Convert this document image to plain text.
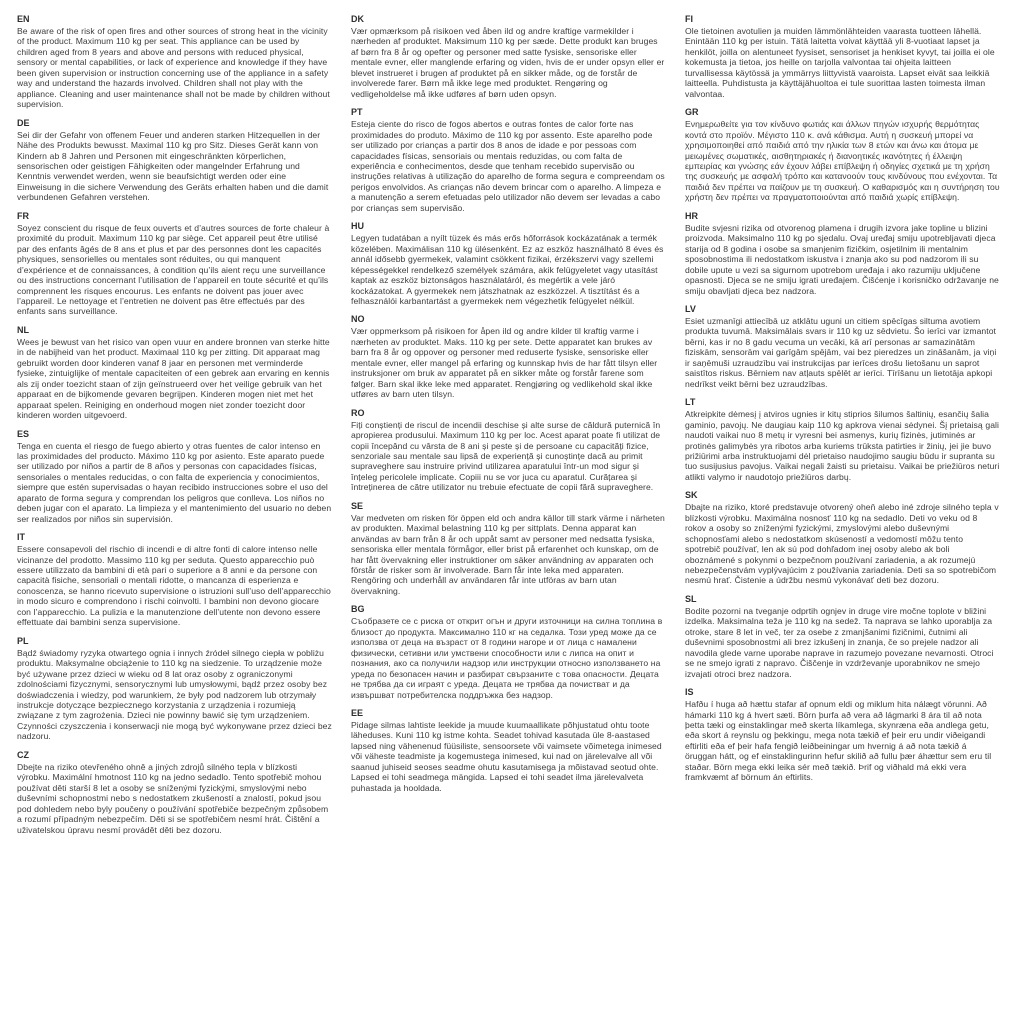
EN

Be aware of the risk of open fires and other sources of strong heat in the vicinity of the product. Maximum 110 kg per seat. This appliance can be used by children aged from 8 years and above and persons with reduced physical, sensory or mental capabilities, or lack of experience and knowledge if they have been given supervision or instruction concerning use of the appliance in a safety way and understand the hazards involved. Children shall not play with the appliance. Cleaning and user maintenance shall not be made by children without supervision.

DE

Sei dir der Gefahr von offenem Feuer und anderen starken Hitzequellen in der Nähe des Produkts bewusst. Maximal 110 kg pro Sitz. Dieses Gerät kann von Kindern ab 8 Jahren und Personen mit eingeschränkten körperlichen, sensorischen oder geistigen Fähigkeiten oder mangelnder Erfahrung und Kenntnis verwendet werden, wenn sie beaufsichtigt werden oder eine Einweisung in die sichere Verwendung des Geräts erhalten haben und die damit verbundenen Gefahren verstehen.

FR

Soyez conscient du risque de feux ouverts et d’autres sources de forte chaleur à proximité du produit. Maximum 110 kg par siège. Cet appareil peut être utilisé par des enfants âgés de 8 ans et plus et par des personnes dont les capacités physiques, sensorielles ou mentales sont réduites, ou qui manquent d’expérience et de connaissances, à condition qu’ils aient reçu une surveillance ou des instructions concernant l’utilisation de l’appareil en toute sécurité et qu’ils comprennent les risques encourus. Les enfants ne doivent pas jouer avec l’appareil. Le nettoyage et l’entretien ne doivent pas être effectués par des enfants sans surveillance.

NL

Wees je bewust van het risico van open vuur en andere bronnen van sterke hitte in de nabijheid van het product. Maximaal 110 kg per zitting. Dit apparaat mag gebruikt worden door kinderen vanaf 8 jaar en personen met verminderde fysieke, zintuiglijke of mentale capaciteiten of een gebrek aan ervaring en kennis als zij onder toezicht staan of zijn geïnstrueerd over het veilige gebruik van het apparaat en de bijkomende gevaren begrijpen. Kinderen mogen niet met het apparaat spelen. Reiniging en onderhoud mogen niet zonder toezicht door kinderen worden uitgevoerd.

ES

Tenga en cuenta el riesgo de fuego abierto y otras fuentes de calor intenso en las proximidades del producto. Máximo 110 kg por asiento. Este aparato puede ser utilizado por niños a partir de 8 años y personas con capacidades físicas, sensoriales o mentales reducidas, o con falta de experiencia y conocimientos, siempre que estén supervisadas o hayan recibido instrucciones sobre el uso del aparato de forma segura y comprendan los peligros que conlleva. Los niños no deben jugar con el aparato. La limpieza y el mantenimiento del usuario no deben ser realizados por niños sin supervisión.

IT

Essere consapevoli del rischio di incendi e di altre fonti di calore intenso nelle vicinanze del prodotto. Massimo 110 kg per seduta. Questo apparecchio può essere utilizzato da bambini di età pari o superiore a 8 anni e da persone con capacità fisiche, sensoriali o mentali ridotte, o mancanza di esperienza e conoscenza, se hanno ricevuto supervisione o istruzioni sull’uso dell’apparecchio in modo sicuro e comprendono i rischi coinvolti. I bambini non devono giocare con l’apparecchio. La pulizia e la manutenzione dell’utente non devono essere effettuate dai bambini senza supervisione.

PL

Bądź świadomy ryzyka otwartego ognia i innych źródeł silnego ciepła w pobliżu produktu. Maksymalne obciążenie to 110 kg na siedzenie. To urządzenie może być używane przez dzieci w wieku od 8 lat oraz osoby z ograniczonymi zdolnościami fizycznymi, sensorycznymi lub umysłowymi, bądź przez osoby bez doświadczenia i wiedzy, pod warunkiem, że były pod nadzorem lub otrzymały instrukcje dotyczące bezpiecznego korzystania z urządzenia i rozumieją związane z tym zagrożenia. Dzieci nie powinny bawić się tym urządzeniem. Czynności czyszczenia i konserwacji nie mogą być wykonywane przez dzieci bez nadzoru.

CZ

Dbejte na riziko otevřeného ohně a jiných zdrojů silného tepla v blízkosti výrobku. Maximální hmotnost 110 kg na jedno sedadlo. Tento spotřebič mohou používat děti starší 8 let a osoby se sníženými fyzickými, smyslovými nebo duševními schopnostmi nebo s nedostatkem zkušeností a znalostí, pokud jsou pod dohledem nebo byly poučeny o používání spotřebiče bezpečným způsobem a rozumí případným nebezpečím. Děti si se spotřebičem nesmí hrát. Čištění a uživatelskou úpravu nesmí provádět děti bez dozoru.

DK

Vær opmærksom på risikoen ved åben ild og andre kraftige varmekilder i nærheden af produktet. Maksimum 110 kg per sæde. Dette produkt kan bruges af børn fra 8 år og opefter og personer med satte fysiske, sensoriske eller mentale evner, eller manglende erfaring og viden, hvis de er under opsyn eller er blevet instrueret i brugen af produktet på en sikker måde, og de forstår de involverede farer. Børn må ikke lege med produktet. Rengøring og vedligeholdelse må ikke udføres af børn uden opsyn.

PT

Esteja ciente do risco de fogos abertos e outras fontes de calor forte nas proximidades do produto. Máximo de 110 kg por assento. Este aparelho pode ser utilizado por crianças a partir dos 8 anos de idade e por pessoas com capacidades físicas, sensoriais ou mentais reduzidas, ou com falta de experiência e conhecimentos, desde que tenham recebido supervisão ou instruções relativas à utilização do aparelho de forma segura e compreendam os perigos envolvidos. As crianças não devem brincar com o aparelho. A limpeza e a manutenção a serem efetuadas pelo utilizador não devem ser levadas a cabo por crianças sem supervisão.

HU

Legyen tudatában a nyílt tüzek és más erős hőforrások kockázatának a termék közelében. Maximálisan 110 kg ülésenként. Ez az eszköz használható 8 éves és annál idősebb gyermekek, valamint csökkent fizikai, érzékszervi vagy szellemi képességekkel rendelkező személyek számára, akik felügyeletet vagy utasítást kaptak az eszköz biztonságos használatáról, és megértik a vele járó kockázatokat. A gyermekek nem játszhatnak az eszközzel. A tisztítást és a felhasználói karbantartást a gyermekek nem végezhetik felügyelet nélkül.

NO

Vær oppmerksom på risikoen for åpen ild og andre kilder til kraftig varme i nærheten av produktet. Maks. 110 kg per sete. Dette apparatet kan brukes av barn fra 8 år og oppover og personer med reduserte fysiske, sensoriske eller mentale evner, eller mangel på erfaring og kunnskap hvis de har fått tilsyn eller instruksjoner om bruk av apparatet på en sikker måte og forstår farene som følger. Barn skal ikke leke med apparatet. Rengjøring og vedlikehold skal ikke utføres av barn uten tilsyn.

RO

Fiți conștienți de riscul de incendii deschise și alte surse de căldură puternică în apropierea produsului. Maximum 110 kg per loc. Acest aparat poate fi utilizat de copii începând cu vârsta de 8 ani și peste și de persoane cu capacități fizice, senzoriale sau mentale sau lipsă de experiență și cunoștințe dacă au primit supraveghere sau instruire privind utilizarea aparatului într-un mod sigur și înțeleg pericolele implicate. Copiii nu se vor juca cu aparatul. Curățarea și întreținerea de către utilizator nu trebuie efectuate de copii fără supraveghere.

SE

Var medveten om risken för öppen eld och andra källor till stark värme i närheten av produkten. Maximal belastning 110 kg per sittplats. Denna apparat kan användas av barn från 8 år och uppåt samt av personer med nedsatta fysiska, sensoriska eller mentala förmågor, eller brist på erfarenhet och kunskap, om de har fått övervakning eller instruktioner om säker användning av apparaten och förstår de risker som är involverade. Barn får inte leka med apparaten. Rengöring och underhåll av användaren får inte utföras av barn utan övervakning.

BG

Съобразете се с риска от открит огън и други източници на силна топлина в близост до продукта. Максимално 110 кг на седалка. Този уред може да се използва от деца на възраст от 8 години нагоре и от лица с намалени физически, сетивни или умствени способности или с липса на опит и познания, ако са получили надзор или инструкции относно използването на уреда по безопасен начин и разбират свързаните с това опасности. Децата не трябва да си играят с уреда. Децата не трябва да почистват и да извършват потребителска поддръжка без надзор.

EE

Pidage silmas lahtiste leekide ja muude kuumaallikate põhjustatud ohtu toote läheduses. Kuni 110 kg istme kohta. Seadet tohivad kasutada üle 8-aastased lapsed ning vähenenud füüsiliste, sensoorsete või vaimsete võimetega inimesed või väheste teadmiste ja kogemustega inimesed, kui nad on järelevalve all või saanud juhiseid seoses seadme ohutu kasutamisega ja mõistavad seotud ohte. Lapsed ei tohi seadmega mängida. Lapsed ei tohi seadet ilma järelevalveta puhastada ja hooldada.

FI

Ole tietoinen avotulien ja muiden lämmönlähteiden vaarasta tuotteen lähellä. Enintään 110 kg per istuin. Tätä laitetta voivat käyttää yli 8-vuotiaat lapset ja henkilöt, joilla on alentuneet fyysiset, sensoriset ja henkiset kyvyt, tai joilla ei ole kokemusta ja tietoa, jos heille on tarjolla valvontaa tai ohjeita laitteen turvallisessa käytössä ja ymmärrys liittyvistä vaaroista. Lapset eivät saa leikkiä laitteella. Puhdistusta ja käyttäjähuoltoa ei tule suorittaa lasten toimesta ilman valvontaa.

GR

Ενημερωθείτε για τον κίνδυνο φωτιάς και άλλων πηγών ισχυρής θερμότητας κοντά στο προϊόν. Μέγιστο 110 κ. ανά κάθισμα. Αυτή η συσκευή μπορεί να χρησιμοποιηθεί από παιδιά από την ηλικία των 8 ετών και άνω και άτομα με μειωμένες σωματικές, αισθητηριακές ή διανοητικές ικανότητες ή έλλειψη εμπειρίας και γνώσης εάν έχουν λάβει επίβλεψη ή οδηγίες σχετικά με τη χρήση της συσκευής με ασφαλή τρόπο και κατανοούν τους κινδύνους που ενέχονται. Τα παιδιά δεν πρέπει να παίζουν με τη συσκευή. Ο καθαρισμός και η συντήρηση του χρήστη δεν πρέπει να πραγματοποιούνται από παιδιά χωρίς επίβλεψη.

HR

Budite svjesni rizika od otvorenog plamena i drugih izvora jake topline u blizini proizvoda. Maksimalno 110 kg po sjedalu. Ovaj uređaj smiju upotrebljavati djeca starija od 8 godina i osobe sa smanjenim fizičkim, osjetilnim ili mentalnim sposobnostima ili nedostatkom iskustva i znanja ako su pod nadzorom ili su dobile upute u vezi sa sigurnom upotrebom uređaja i ako razumiju uključene opasnosti. Djeca se ne smiju igrati uređajem. Čišćenje i korisničko održavanje ne smiju obavljati djeca bez nadzora.

LV

Esiet uzmanīgi attiecībā uz atklātu uguni un citiem spēcīgas siltuma avotiem produkta tuvumā. Maksimālais svars ir 110 kg uz sēdvietu. Šo ierīci var izmantot bērni, kas ir no 8 gadu vecuma un vecāki, kā arī personas ar samazinātām fiziskām, sensorām vai garīgām spējām, vai bez pieredzes un zināšanām, ja viņi ir saņēmuši uzraudzību vai instrukcijas par ierīces drošu lietošanu un saprot saistītos riskus. Bērniem nav atļauts spēlēt ar ierīci. Tīrīšanu un lietotāja apkopi nedrīkst veikt bērni bez uzraudzības.

LT

Atkreipkite dėmesį į atviros ugnies ir kitų stiprios šilumos šaltinių, esančių šalia gaminio, pavojų. Ne daugiau kaip 110 kg apkrova vienai sėdynei. Šį prietaisą gali naudoti vaikai nuo 8 metų ir vyresni bei asmenys, kurių fizinės, jutiminės ar protinės galimybės yra ribotos arba kuriems trūksta patirties ir žinių, jei jie buvo prižiūrimi arba instruktuojami dėl prietaiso naudojimo saugiu būdu ir supranta su tuo susijusius pavojus. Vaikai negali žaisti su prietaisu. Vaikai be priežiūros neturi atlikti valymo ir naudotojo priežiūros darbų.

SK

Dbajte na riziko, ktoré predstavuje otvorený oheň alebo iné zdroje silného tepla v blízkosti výrobku. Maximálna nosnosť 110 kg na sedadlo. Deti vo veku od 8 rokov a osoby so zníženými fyzickými, zmyslovými alebo duševnými schopnosťami alebo s nedostatkom skúseností a vedomostí môžu tento spotrebič používať, len ak sú pod dohľadom inej osoby alebo ak boli oboznámené s pokynmi o bezpečnom používaní zariadenia, a ak rozumejú nebezpečenstvám vyplývajúcim z používania zariadenia. Deti sa so spotrebičom nesmú hrať. Čistenie a údržbu nesmú vykonávať deti bez dozoru.

SL

Bodite pozorni na tveganje odprtih ognjev in druge vire močne toplote v bližini izdelka. Maksimalna teža je 110 kg na sedež. Ta naprava se lahko uporablja za otroke, stare 8 let in več, ter za osebe z zmanjšanimi fizičnimi, čutnimi ali duševnimi sposobnostmi ali brez izkušenj in znanja, če so prejele nadzor ali navodila glede varne uporabe naprave in razumejo povezane nevarnosti. Otroci se ne smejo igrati z napravo. Čiščenje in vzdrževanje uporabnikov ne smejo izvajati otroci brez nadzora.

IS

Hafðu í huga að hættu stafar af opnum eldi og miklum hita nálægt vörunni. Að hámarki 110 kg á hvert sæti. Börn þurfa að vera að lágmarki 8 ára til að nota þetta tæki og einstaklingar með skerta líkamlega, skynræna eða andlega getu, eða skort á reynslu og þekkingu, mega nota tækið ef þeir eru undir viðeigandi eftirliti eða ef þeir hafa fengið leiðbeiningar um hvernig á að nota tækið á öruggan hátt, og ef einstaklingurinn hefur skilið að fullu þær áhættur sem eru til staðar. Börn mega ekki leika sér með tækið. Þrif og viðhald má ekki vera framkvæmt af börnum án eftirlits.
